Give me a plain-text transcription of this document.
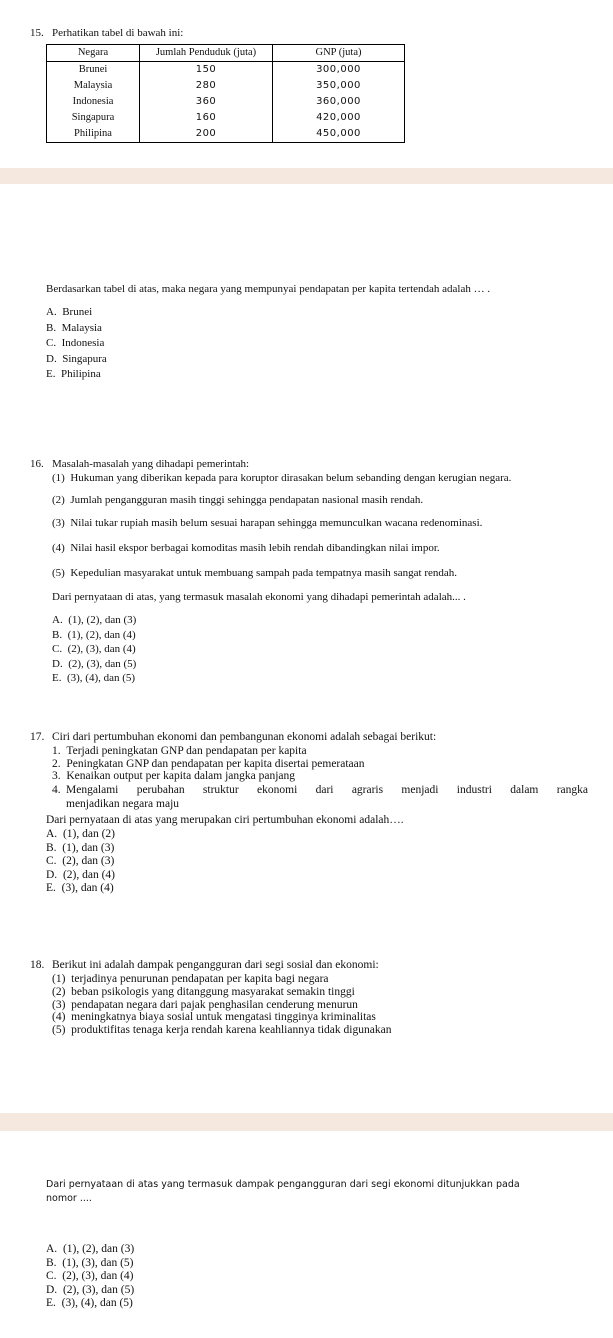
15. Perhatikan tabel di bawah ini:
Negara	Jumlah Penduduk (juta)	GNP (juta)
Brunei	150	300,000
Malaysia	280	350,000
Indonesia	360	360,000
Singapura	160	420,000
Philipina	200	450,000
Berdasarkan tabel di atas, maka negara yang mempunyai pendapatan per kapita tertendah adalah … .
A. Brunei
B. Malaysia
C. Indonesia
D. Singapura
E. Philipina
16. Masalah-masalah yang dihadapi pemerintah:
(1) Hukuman yang diberikan kepada para koruptor dirasakan belum sebanding dengan kerugian negara.
(2) Jumlah pengangguran masih tinggi sehingga pendapatan nasional masih rendah.
(3) Nilai tukar rupiah masih belum sesuai harapan sehingga memunculkan wacana redenominasi.
(4) Nilai hasil ekspor berbagai komoditas masih lebih rendah dibandingkan nilai impor.
(5) Kepedulian masyarakat untuk membuang sampah pada tempatnya masih sangat rendah.
Dari pernyataan di atas, yang termasuk masalah ekonomi yang dihadapi pemerintah adalah... .
A. (1), (2), dan (3)
B. (1), (2), dan (4)
C. (2), (3), dan (4)
D. (2), (3), dan (5)
E. (3), (4), dan (5)
17. Ciri dari pertumbuhan ekonomi dan pembangunan ekonomi adalah sebagai berikut:
1. Terjadi peningkatan GNP dan pendapatan per kapita
2. Peningkatan GNP dan pendapatan per kapita disertai pemerataan
3. Kenaikan output per kapita dalam jangka panjang
4. Mengalami perubahan struktur ekonomi dari agraris menjadi industri dalam rangka
menjadikan negara maju
Dari pernyataan di atas yang merupakan ciri pertumbuhan ekonomi adalah….
A. (1), dan (2)
B. (1), dan (3)
C. (2), dan (3)
D. (2), dan (4)
E. (3), dan (4)
18. Berikut ini adalah dampak pengangguran dari segi sosial dan ekonomi:
(1) terjadinya penurunan pendapatan per kapita bagi negara
(2) beban psikologis yang ditanggung masyarakat semakin tinggi
(3) pendapatan negara dari pajak penghasilan cenderung menurun
(4) meningkatnya biaya sosial untuk mengatasi tingginya kriminalitas
(5) produktifitas tenaga kerja rendah karena keahliannya tidak digunakan
Dari pernyataan di atas yang termasuk dampak pengangguran dari segi ekonomi ditunjukkan pada
nomor ....
A. (1), (2), dan (3)
B. (1), (3), dan (5)
C. (2), (3), dan (4)
D. (2), (3), dan (5)
E. (3), (4), dan (5)
